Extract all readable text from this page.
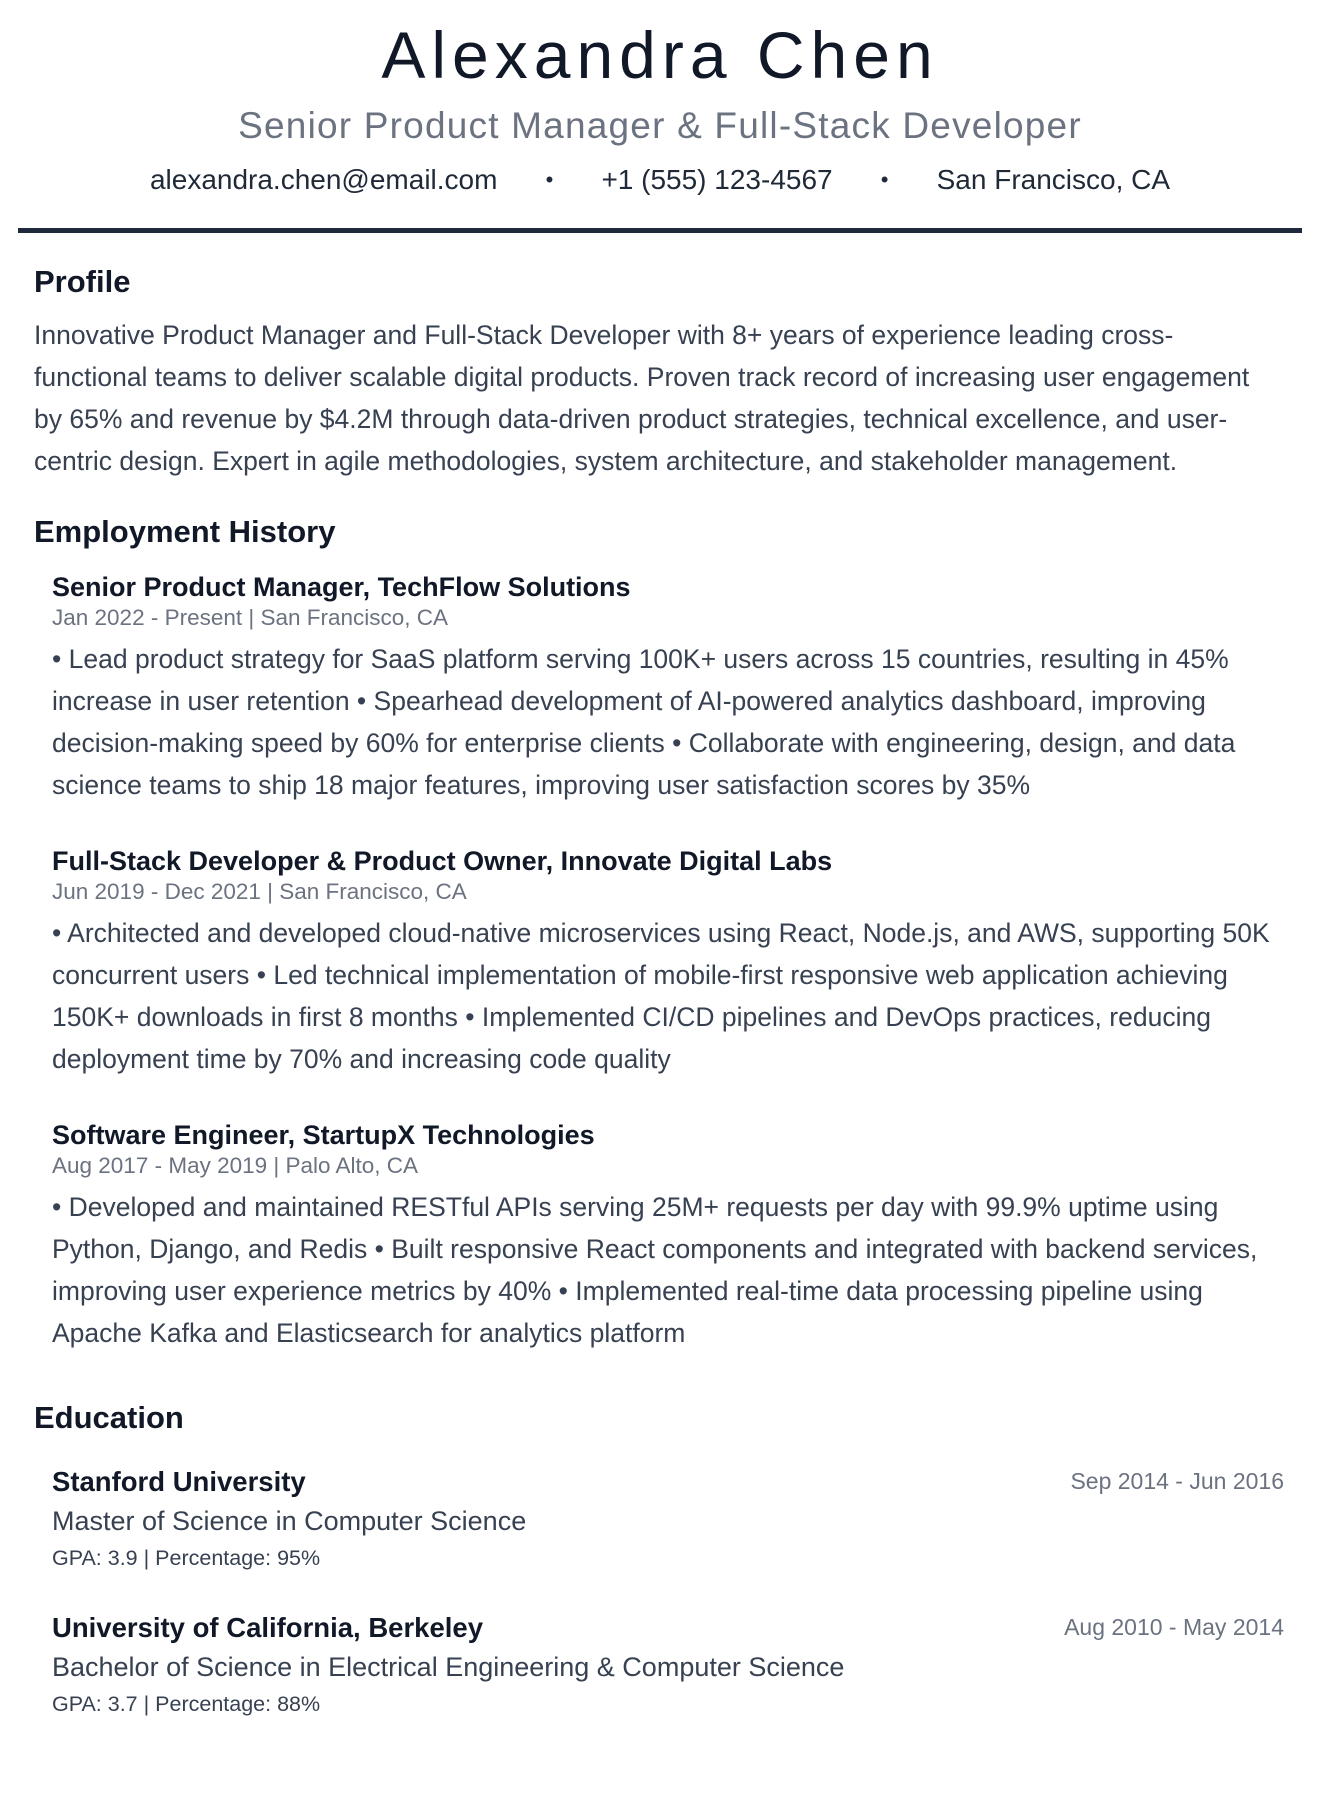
Alexandra Chen
Senior Product Manager & Full-Stack Developer
alexandra.chen@email.com	•	+1 (555) 123-4567	•	San Francisco, CA
Profile
Innovative Product Manager and Full-Stack Developer with 8+ years of experience leading cross-functional teams to deliver scalable digital products. Proven track record of increasing user engagement by 65% and revenue by $4.2M through data-driven product strategies, technical excellence, and user-centric design. Expert in agile methodologies, system architecture, and stakeholder management.
Employment History
Senior Product Manager, TechFlow Solutions
Jan 2022 - Present | San Francisco, CA
• Lead product strategy for SaaS platform serving 100K+ users across 15 countries, resulting in 45% increase in user retention • Spearhead development of AI-powered analytics dashboard, improving decision-making speed by 60% for enterprise clients • Collaborate with engineering, design, and data science teams to ship 18 major features, improving user satisfaction scores by 35%
Full-Stack Developer & Product Owner, Innovate Digital Labs
Jun 2019 - Dec 2021 | San Francisco, CA
• Architected and developed cloud-native microservices using React, Node.js, and AWS, supporting 50K concurrent users • Led technical implementation of mobile-first responsive web application achieving 150K+ downloads in first 8 months • Implemented CI/CD pipelines and DevOps practices, reducing deployment time by 70% and increasing code quality
Software Engineer, StartupX Technologies
Aug 2017 - May 2019 | Palo Alto, CA
• Developed and maintained RESTful APIs serving 25M+ requests per day with 99.9% uptime using Python, Django, and Redis • Built responsive React components and integrated with backend services, improving user experience metrics by 40% • Implemented real-time data processing pipeline using Apache Kafka and Elasticsearch for analytics platform
Education
Stanford University	Sep 2014 - Jun 2016
Master of Science in Computer Science
GPA: 3.9 | Percentage: 95%
University of California, Berkeley	Aug 2010 - May 2014
Bachelor of Science in Electrical Engineering & Computer Science
GPA: 3.7 | Percentage: 88%
